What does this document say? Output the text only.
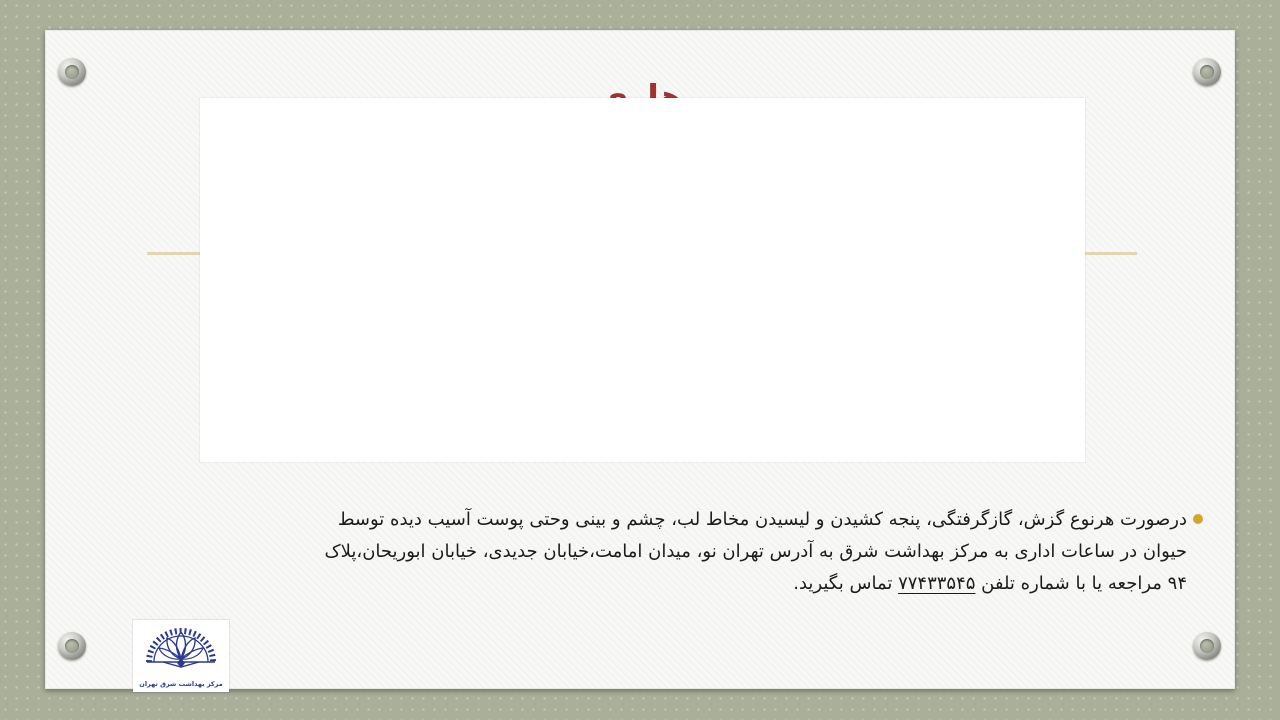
درصورت هرنوع گزش، گازگرفتگی، پنجه کشیدن و لیسیدن مخاط لب، چشم و بینی وحتی پوست آسیب دیده توسط
حیوان در ساعات اداری به مرکز بهداشت شرق به آدرس تهران نو، میدان امامت،خیابان جدیدی، خیابان ابوریحان،پلاک
۹۴ مراجعه یا با شماره تلفن ۷۷۴۳۳۵۴۵ تماس بگیرید.
مرکز بهداشت شرق تهران
